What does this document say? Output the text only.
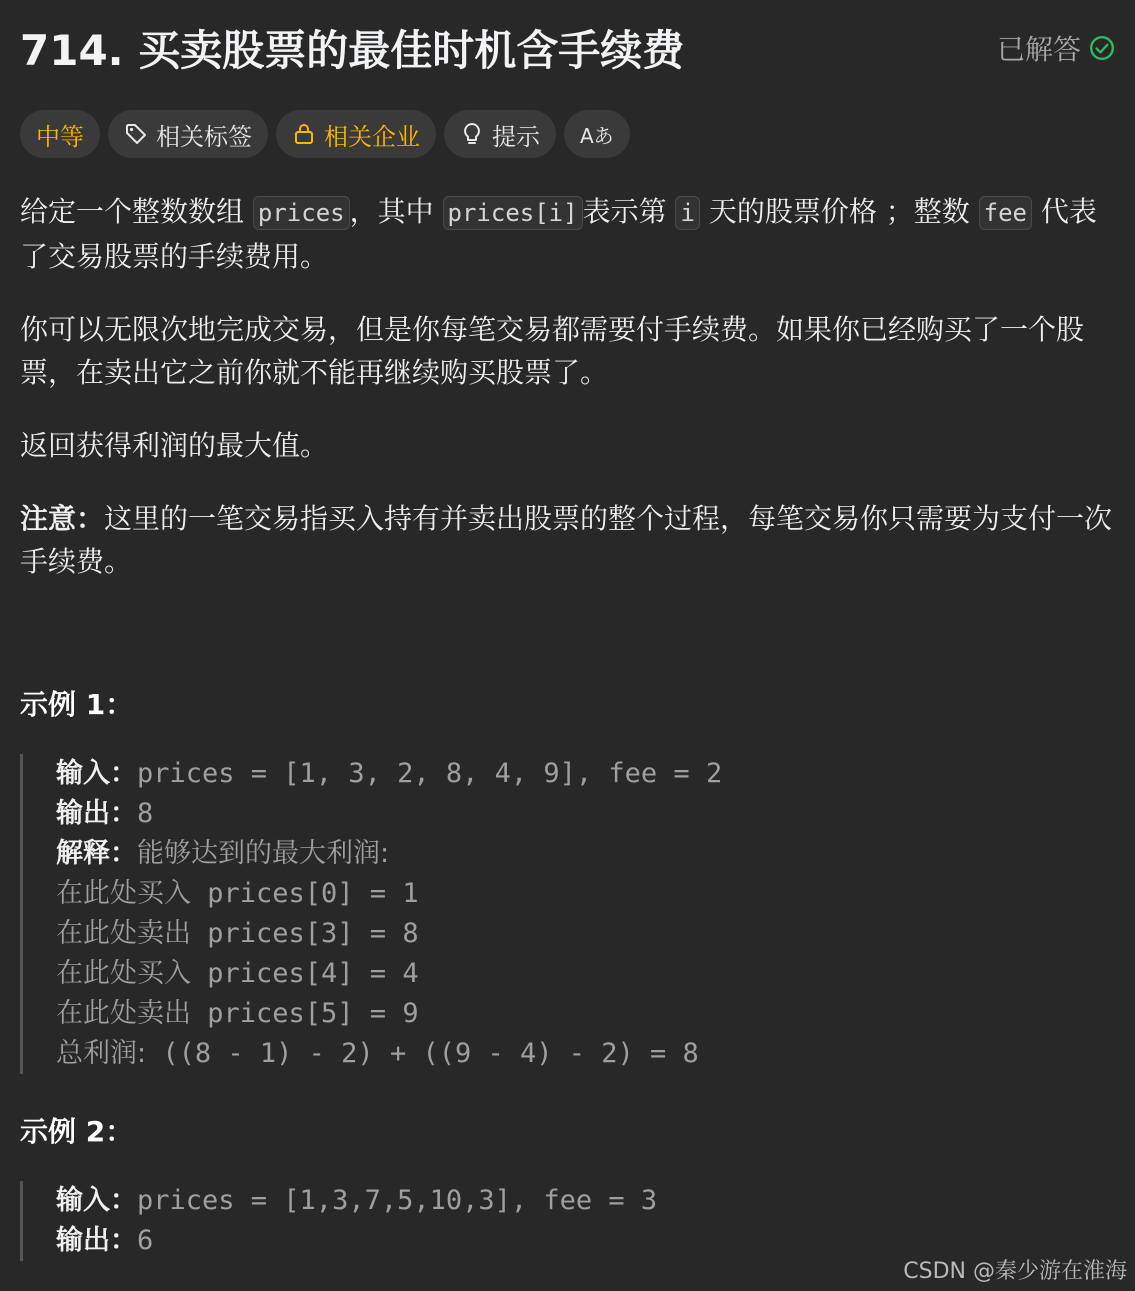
714. 买卖股票的最佳时机含手续费	已解答
中等	相关标签	相关企业	提示 Aあ

给定一个整数数组 prices ，其中 prices[i] 表示第 i 天的股票价格 ；整数 fee 代表了交易股票的手续费用。

你可以无限次地完成交易，但是你每笔交易都需要付手续费。如果你已经购买了一个股票，在卖出它之前你就不能再继续购买股票了。

返回获得利润的最大值。

注意：这里的一笔交易指买入持有并卖出股票的整个过程，每笔交易你只需要为支付一次手续费。

示例 1：

输入：prices = [1, 3, 2, 8, 4, 9], fee = 2
输出：8
解释：能够达到的最大利润:
在此处买入 prices[0] = 1
在此处卖出 prices[3] = 8
在此处买入 prices[4] = 4
在此处卖出 prices[5] = 9
总利润: ((8 - 1) - 2) + ((9 - 4) - 2) = 8

示例 2：

输入：prices = [1,3,7,5,10,3], fee = 3
输出：6
CSDN @秦少游在淮海
